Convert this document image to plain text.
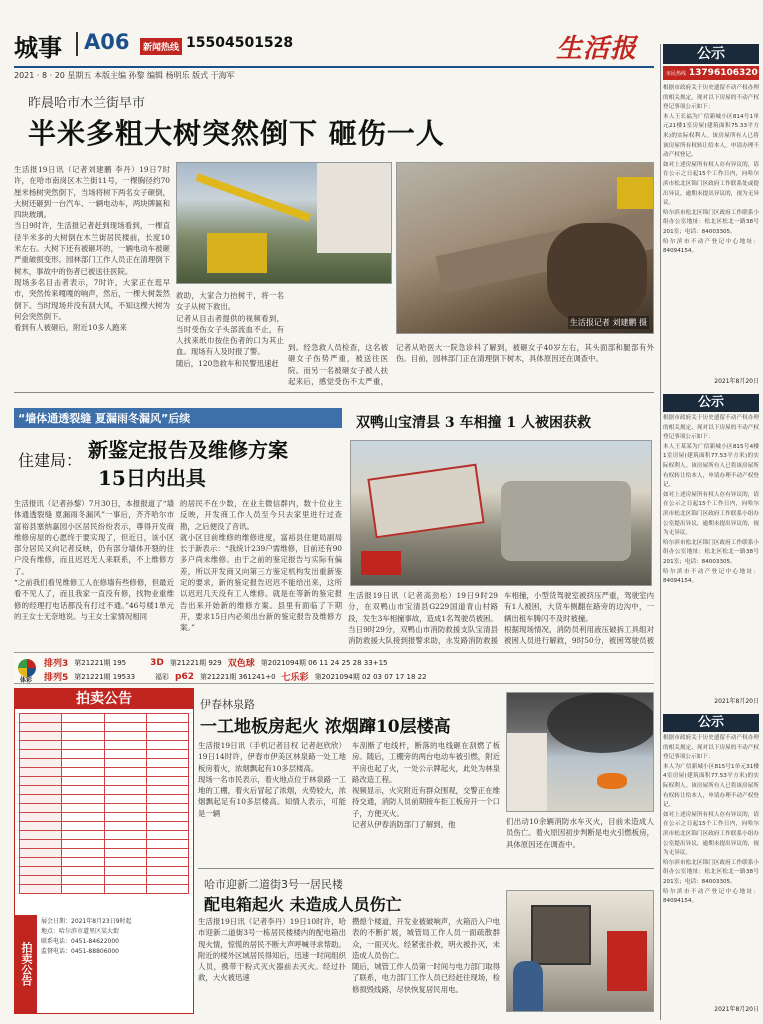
城事 A06	新闻热线 15504501528	生活报
2021 · 8 · 20 星期五 本版主编 孙黎 编辑 杨明乐 版式 于海军
昨晨哈市木兰街早市
半米多粗大树突然倒下 砸伤一人
生活报19日讯（记者刘建鹏 李丹）19日7时许，在哈市南岗区木兰街11号，一棵胸径约70厘米杨树突然倒下，当场将树下两名女子砸倒，大树还砸到一台汽车、一辆电动车，两块牌匾和四块玻璃。
当日9时许，生活报记者赶到现场看到，一棵直径半米多的大树倒在木兰街居民楼前，长度10米左右。大树下还有被砸坏的，一辆电动车被砸严重破损变形。园林部门工作人员正在清理倒下树木，事故中的伤者已被送往医院。
现场多名目击者表示，7时许，大家正在逛早市，突然传来嘎嘎的响声，然后，一棵大树轰然倒下。当时现场并没有刮大风，不知这棵大树为何会突然倒下。
看到有人被砸后，附近10多人跑来
生活报记者 刘建鹏 摄
救助，大家合力抬树干，将一名女子从树下救出。
记者从目击者提供的视频看到，当时受伤女子头部流血不止，有人找来纸巾按住伤者的口为其止血。现场有人及时报了警。
随后，120急救车和民警迅速赶
到。经急救人员检查，这名被砸女子伤势严重，被送往医院。而另一名被砸女子被人扶起来后，感觉受伤不太严重，
记者从哈医大一院急诊科了解到，被砸女子40岁左右，其头面部和腿部有外伤。目前，园林部门正在清理倒下树木，具体原因还在调查中。
“墙体通透裂缝 夏漏雨冬漏风”后续
住建局： 新鉴定报告及维修方案
15日内出具
生活报讯（记者孙黎）7月30日，本报报道了“墙体通透裂缝 夏漏雨冬漏风”一事后，齐齐哈尔市富裕县塞纳嘉园小区居民纷纷表示，尊得开发商维修房屋的心愿终于要实现了，但近日，该小区部分居民又向记者反映，仍有部分墙体开裂的住户没有维修，而且迟迟无人来联系，不上维修方了。
“之前我们看见维修工人在修墙有些修修，但最近看不见人了，而且我家一直没有修，找物业重维修的经理打电话都没有打过不通。”46号楼1单元的王女士无奈地说。与王女士家情况相同
的居民不在少数，在业主微信群内，数十位业主反映，开发商工作人员至今只去家里进行过查勘，之后便没了音讯。
就小区目前维修的维修进度，富裕县住建局副局长于新表示：“我统计239户需维修，目前还有90多户尚未维修。由于之前的鉴定报告与实际有偏差，所以开发商又向第三方鉴定机构发出重新鉴定的要求，新的鉴定报告迟迟不能给出来，这所以迟迟几天没有工人维修。就是在等新的鉴定报告出来开始新的维修方案。县里有面临了下期开，要求15日内必须出台新的鉴定报告及维修方案。”
双鸭山宝清县 3 车相撞 1 人被困获救
生活报19日讯（记者高劲松）19日9时29分，在双鸭山市宝清县G229国道青山村路段，发生3车相撞事故，造成1名驾驶员被困。
当日9时29分，双鸭山市消防救援支队宝清县消防救援大队接到报警求助，永发路消防救援
车相撞，小型货驾驶室被挤压严重，驾驶室内有1人被困，大货车侧翻在路旁的边沟中，一辆出租车腾闪不及时被撞。
根据现场情况，消防员利用液压破拆工具组对被困人员进行解救，9时50分，被困驾驶员被
体彩
排列3 第21221期 195	3D 第21221期 929 双色球 第2021094期 06 11 24 25 28 33+15
排列5 第21221期 19533	福彩 p62 第21221期 361241+0 七乐彩 第2021094期 02 03 07 17 18 22
拍卖公告

拍卖公告
展会日期：2021年8月23日9时起
地点：哈尔滨市道里区某大街
联系电话：0451-84622000
监督电话：0451-88806000
伊春林泉路
一工地板房起火 浓烟蹿10层楼高
生活报19日讯（手机记者目权 记者赵欣欣）19日14时许，伊春市伊美区林泉路一处工地板房着火，浓烟飘起有10多层楼高。
现场一名市民表示，着火地点位于林泉路一工地的工棚，着火后冒起了浓烟，火势较大，浓烟飘起足有10多层楼高。知情人表示，可能是一辆
车刮断了电线杆，断落的电线砸在刮燃了板房。随后，工棚旁的两台电动车被引燃，附近平房也起了火，一处公示牌起火，此处为林泉路改造工程。
视频显示，火灾附近有群众围观，交警正在维持交通，消防人员前期接车拒工板房开一个口子，方便灭火。
记者从伊春消防部门了解到，他	们出动10余辆消防水车灭火，目前未造成人员伤亡。着火原因初步判断是电火引燃板房，具体原因还在调查中。
哈市迎新二道街3号一居民楼
配电箱起火 未造成人员伤亡
生活报19日讯（记者李丹）19日10时许，哈市迎新二道街3号一栋居民楼楼内的配电箱出现火情，惊慌的居民不断大声呼喊寻求帮助。
附近的楼外区域居民得知后，迅速一时间组织人员，携带干粉式灭火器前去灭火。经过扑救，大火被迅速
攒熄个楼道，开发业被破响声，火箱沿入户电表的不断扩展，城管局工作人员一面疏散群众，一面灭火。经紧张扑救，明火被扑灭，未造成人员伤亡。
随后，城管工作人员第一时间与电力部门取得了联系，电力部门工作人员已经赶往现场，检修损毁线路，尽快恢复居民用电。
公示
市民热线 13796106320
根据市政府关于历史遗留不动产权办理的相关规定，现对以下房屋的不动产权登记事项公示如下：
本人王长福为广信新城小区814号1单元21楼1室房屋(建筑面积75.33平方米)的实际权利人。该房屋所有人已将该房屋所有权转让给本人，申请办理不动产权登记。
如对上述房屋所有权人存有异议的，请在公示之日起15个工作日内，向哈尔滨市松北区锦门区政府工作联系处或提出异议，逾期未提出异议的，视为无异议。
哈尔滨市松北区锦门区政府工作联系小组办公室地址：松北区松北一路38号201室；电话：84003305。
哈尔滨市不动产登记中心地址：84094154。
2021年8月20日
公示
根据市政府关于历史遗留不动产权办理的相关规定，现对以下房屋的不动产权登记事项公示如下：
本人王某某为广信新城小区815号4楼1室房屋(建筑面积77.53平方米)的实际权利人。该房屋所有人已将该房屋所有权转让给本人，申请办理不动产权登记。
如对上述房屋所有权人存有异议的，请在公示之日起15个工作日内，向哈尔滨市松北区锦门区政府工作联系小组办公室提出异议，逾期未提出异议的，视为无异议。
哈尔滨市松北区锦门区政府工作联系小组办公室地址：松北区松北一路38号201室；电话：84003305。
哈尔滨市不动产登记中心地址：84094154。
2021年8月20日
公示
根据市政府关于历史遗留不动产权办理的相关规定，现对以下房屋的不动产权登记事项公示如下：
本人为广信新城小区815号1单元31楼4室房屋(建筑面积77.53平方米)的实际权利人。该房屋所有人已将该房屋所有权转让给本人，申请办理不动产权登记。
如对上述房屋所有权人存有异议的，请在公示之日起15个工作日内，向哈尔滨市松北区锦门区政府工作联系小组办公室提出异议，逾期未提出异议的，视为无异议。
哈尔滨市松北区锦门区政府工作联系小组办公室地址：松北区松北一路38号201室；电话：84003305。
哈尔滨市不动产登记中心地址：84094154。
2021年8月20日
